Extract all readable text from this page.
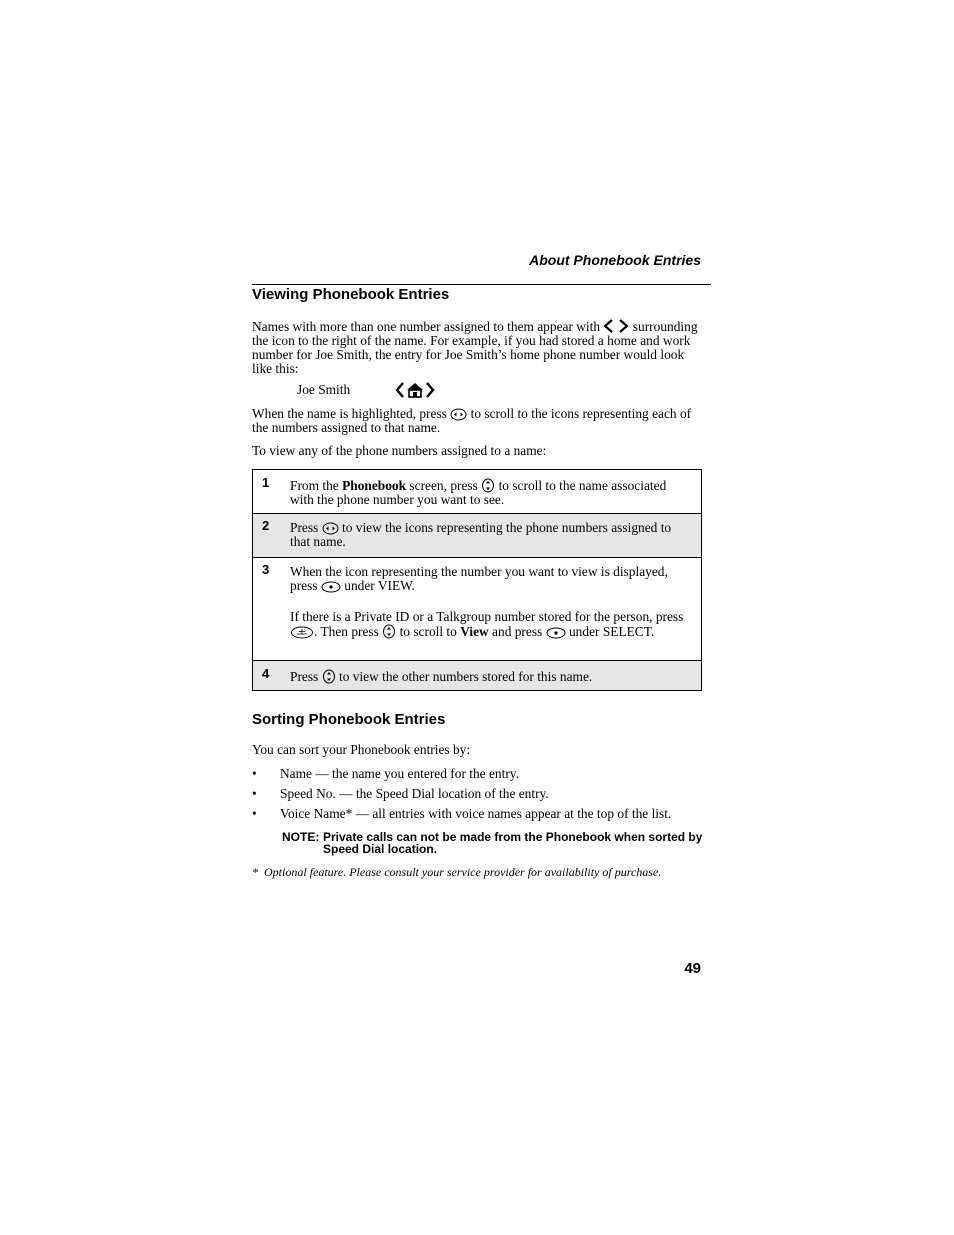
About Phonebook Entries
Viewing Phonebook Entries
Names with more than one number assigned to them appear with surrounding the icon to the right of the name. For example, if you had stored a home and work number for Joe Smith, the entry for Joe Smith’s home phone number would look like this:
Joe Smith
When the name is highlighted, press to scroll to the icons representing each of the numbers assigned to that name.
To view any of the phone numbers assigned to a name:
1 From the Phonebook screen, press to scroll to the name associated with the phone number you want to see.
2 Press to view the icons representing the phone numbers assigned to that name.
3 When the icon representing the number you want to view is displayed, press under VIEW.
If there is a Private ID or a Talkgroup number stored for the person, press . Then press to scroll to View and press under SELECT.
4 Press to view the other numbers stored for this name.
Sorting Phonebook Entries
You can sort your Phonebook entries by:
• Name — the name you entered for the entry.
• Speed No. — the Speed Dial location of the entry.
• Voice Name* — all entries with voice names appear at the top of the list.
NOTE: Private calls can not be made from the Phonebook when sorted by Speed Dial location.
* Optional feature. Please consult your service provider for availability of purchase.
49
